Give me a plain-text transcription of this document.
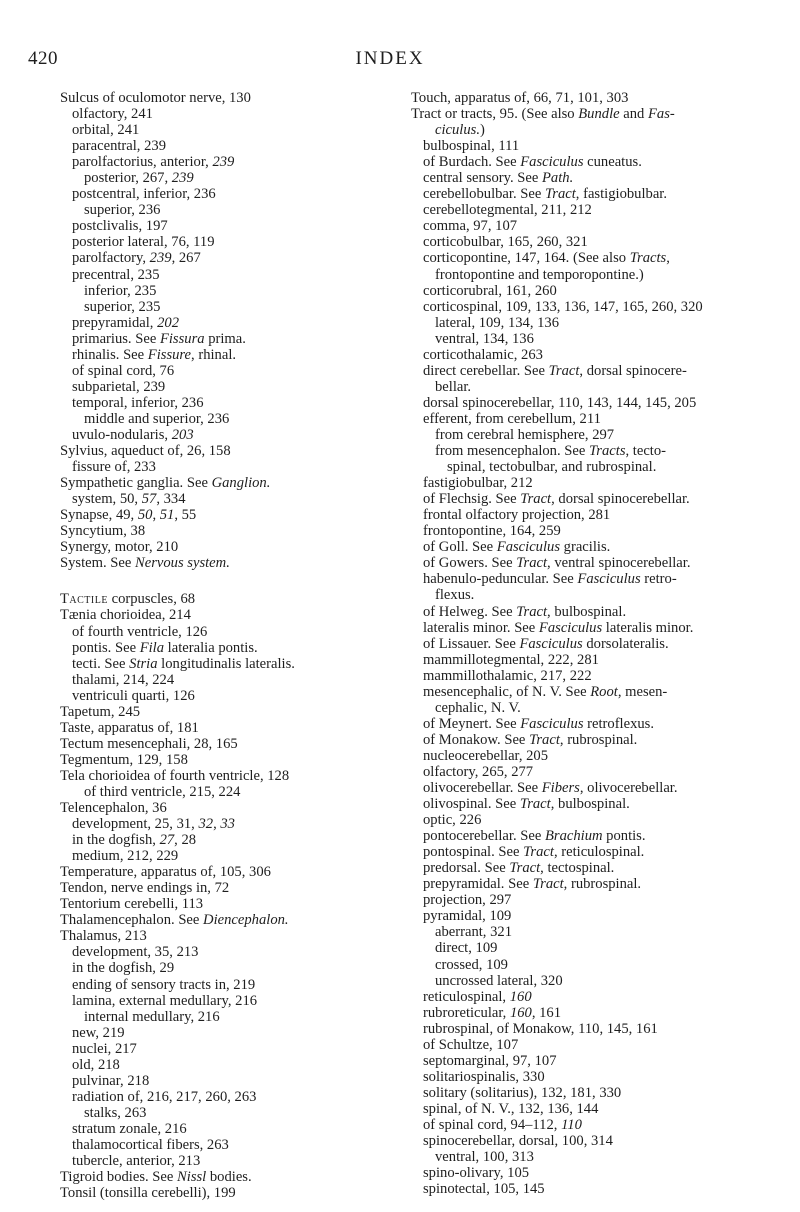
420	INDEX
Sulcus of oculomotor nerve, 130
olfactory, 241
orbital, 241
paracentral, 239
parolfactorius, anterior, 239
posterior, 267, 239
postcentral, inferior, 236
superior, 236
postclivalis, 197
posterior lateral, 76, 119
parolfactory, 239, 267
precentral, 235
inferior, 235
superior, 235
prepyramidal, 202
primarius. See Fissura prima.
rhinalis. See Fissure, rhinal.
of spinal cord, 76
subparietal, 239
temporal, inferior, 236
middle and superior, 236
uvulo-nodularis, 203
Sylvius, aqueduct of, 26, 158
fissure of, 233
Sympathetic ganglia. See Ganglion.
system, 50, 57, 334
Synapse, 49, 50, 51, 55
Syncytium, 38
Synergy, motor, 210
System. See Nervous system.
Tactile corpuscles, 68
Tænia chorioidea, 214
of fourth ventricle, 126
pontis. See Fila lateralia pontis.
tecti. See Stria longitudinalis lateralis.
thalami, 214, 224
ventriculi quarti, 126
Tapetum, 245
Taste, apparatus of, 181
Tectum mesencephali, 28, 165
Tegmentum, 129, 158
Tela chorioidea of fourth ventricle, 128
of third ventricle, 215, 224
Telencephalon, 36
development, 25, 31, 32, 33
in the dogfish, 27, 28
medium, 212, 229
Temperature, apparatus of, 105, 306
Tendon, nerve endings in, 72
Tentorium cerebelli, 113
Thalamencephalon. See Diencephalon.
Thalamus, 213
development, 35, 213
in the dogfish, 29
ending of sensory tracts in, 219
lamina, external medullary, 216
internal medullary, 216
new, 219
nuclei, 217
old, 218
pulvinar, 218
radiation of, 216, 217, 260, 263
stalks, 263
stratum zonale, 216
thalamocortical fibers, 263
tubercle, anterior, 213
Tigroid bodies. See Nissl bodies.
Tonsil (tonsilla cerebelli), 199
Touch, apparatus of, 66, 71, 101, 303
Tract or tracts, 95. (See also Bundle and Fas-
ciculus.)
bulbospinal, 111
of Burdach. See Fasciculus cuneatus.
central sensory. See Path.
cerebellobulbar. See Tract, fastigiobulbar.
cerebellotegmental, 211, 212
comma, 97, 107
corticobulbar, 165, 260, 321
corticopontine, 147, 164. (See also Tracts,
frontopontine and temporopontine.)
corticorubral, 161, 260
corticospinal, 109, 133, 136, 147, 165, 260, 320
lateral, 109, 134, 136
ventral, 134, 136
corticothalamic, 263
direct cerebellar. See Tract, dorsal spinocere-
bellar.
dorsal spinocerebellar, 110, 143, 144, 145, 205
efferent, from cerebellum, 211
from cerebral hemisphere, 297
from mesencephalon. See Tracts, tecto-
spinal, tectobulbar, and rubrospinal.
fastigiobulbar, 212
of Flechsig. See Tract, dorsal spinocerebellar.
frontal olfactory projection, 281
frontopontine, 164, 259
of Goll. See Fasciculus gracilis.
of Gowers. See Tract, ventral spinocerebellar.
habenulo-peduncular. See Fasciculus retro-
flexus.
of Helweg. See Tract, bulbospinal.
lateralis minor. See Fasciculus lateralis minor.
of Lissauer. See Fasciculus dorsolateralis.
mammillotegmental, 222, 281
mammillothalamic, 217, 222
mesencephalic, of N. V. See Root, mesen-
cephalic, N. V.
of Meynert. See Fasciculus retroflexus.
of Monakow. See Tract, rubrospinal.
nucleocerebellar, 205
olfactory, 265, 277
olivocerebellar. See Fibers, olivocerebellar.
olivospinal. See Tract, bulbospinal.
optic, 226
pontocerebellar. See Brachium pontis.
pontospinal. See Tract, reticulospinal.
predorsal. See Tract, tectospinal.
prepyramidal. See Tract, rubrospinal.
projection, 297
pyramidal, 109
aberrant, 321
direct, 109
crossed, 109
uncrossed lateral, 320
reticulospinal, 160
rubroreticular, 160, 161
rubrospinal, of Monakow, 110, 145, 161
of Schultze, 107
septomarginal, 97, 107
solitariospinalis, 330
solitary (solitarius), 132, 181, 330
spinal, of N. V., 132, 136, 144
of spinal cord, 94–112, 110
spinocerebellar, dorsal, 100, 314
ventral, 100, 313
spino-olivary, 105
spinotectal, 105, 145
